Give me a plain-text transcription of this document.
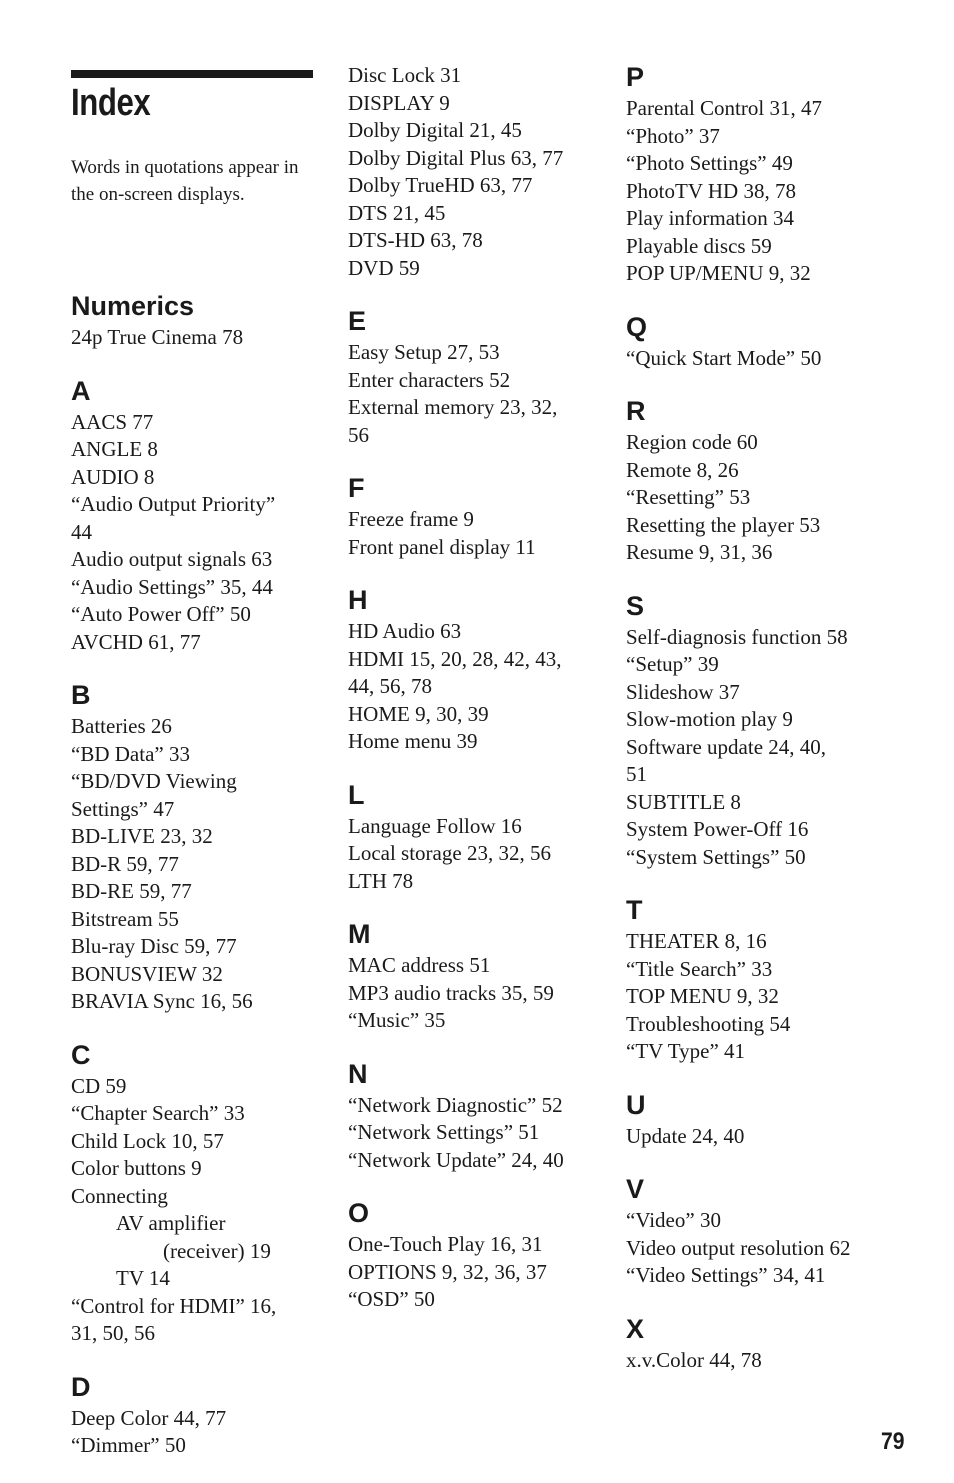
Index

Words in quotations appear in the on-screen displays.

Numerics
24p True Cinema 78
A
AACS 77
ANGLE 8
AUDIO 8
“Audio Output Priority”
44
Audio output signals 63
“Audio Settings” 35, 44
“Auto Power Off” 50
AVCHD 61, 77
B
Batteries 26
“BD Data” 33
“BD/DVD Viewing
Settings” 47
BD-LIVE 23, 32
BD-R 59, 77
BD-RE 59, 77
Bitstream 55
Blu-ray Disc 59, 77
BONUSVIEW 32
BRAVIA Sync 16, 56
C
CD 59
“Chapter Search” 33
Child Lock 10, 57
Color buttons 9
Connecting
AV amplifier
(receiver) 19
TV 14
“Control for HDMI” 16,
31, 50, 56
D
Deep Color 44, 77
“Dimmer” 50
Disc Lock 31
DISPLAY 9
Dolby Digital 21, 45
Dolby Digital Plus 63, 77
Dolby TrueHD 63, 77
DTS 21, 45
DTS-HD 63, 78
DVD 59
E
Easy Setup 27, 53
Enter characters 52
External memory 23, 32,
56
F
Freeze frame 9
Front panel display 11
H
HD Audio 63
HDMI 15, 20, 28, 42, 43,
44, 56, 78
HOME 9, 30, 39
Home menu 39
L
Language Follow 16
Local storage 23, 32, 56
LTH 78
M
MAC address 51
MP3 audio tracks 35, 59
“Music” 35
N
“Network Diagnostic” 52
“Network Settings” 51
“Network Update” 24, 40
O
One-Touch Play 16, 31
OPTIONS 9, 32, 36, 37
“OSD” 50
P
Parental Control 31, 47
“Photo” 37
“Photo Settings” 49
PhotoTV HD 38, 78
Play information 34
Playable discs 59
POP UP/MENU 9, 32
Q
“Quick Start Mode” 50
R
Region code 60
Remote 8, 26
“Resetting” 53
Resetting the player 53
Resume 9, 31, 36
S
Self-diagnosis function 58
“Setup” 39
Slideshow 37
Slow-motion play 9
Software update 24, 40,
51
SUBTITLE 8
System Power-Off 16
“System Settings” 50
T
THEATER 8, 16
“Title Search” 33
TOP MENU 9, 32
Troubleshooting 54
“TV Type” 41
U
Update 24, 40
V
“Video” 30
Video output resolution 62
“Video Settings” 34, 41
X
x.v.Color 44, 78
79
